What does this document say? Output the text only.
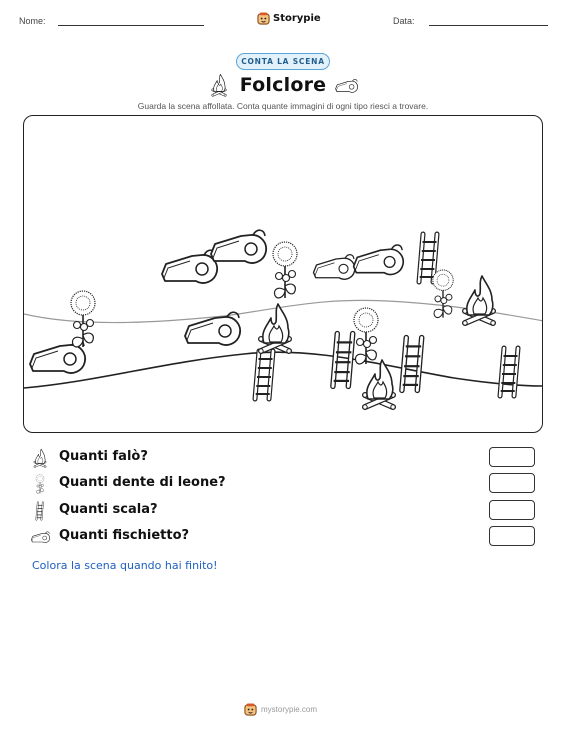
Nome:	Storypie	Data:
CONTA LA SCENA
Folclore
Guarda la scena affollata. Conta quante immagini di ogni tipo riesci a trovare.
Quanti falò?
Quanti dente di leone?
Quanti scala?
Quanti fischietto?
Colora la scena quando hai finito!
mystorypie.com
